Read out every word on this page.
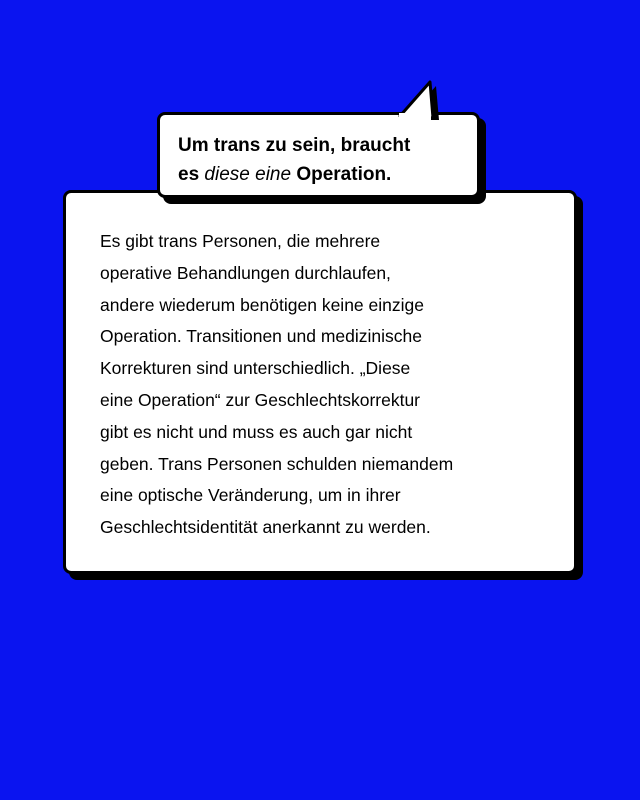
Um trans zu sein, braucht
es diese eine Operation.

Es gibt trans Personen, die mehrere
operative Behandlungen durchlaufen,
andere wiederum benötigen keine einzige
Operation. Transitionen und medizinische
Korrekturen sind unterschiedlich. „Diese
eine Operation“ zur Geschlechtskorrektur
gibt es nicht und muss es auch gar nicht
geben. Trans Personen schulden niemandem
eine optische Veränderung, um in ihrer
Geschlechtsidentität anerkannt zu werden.
